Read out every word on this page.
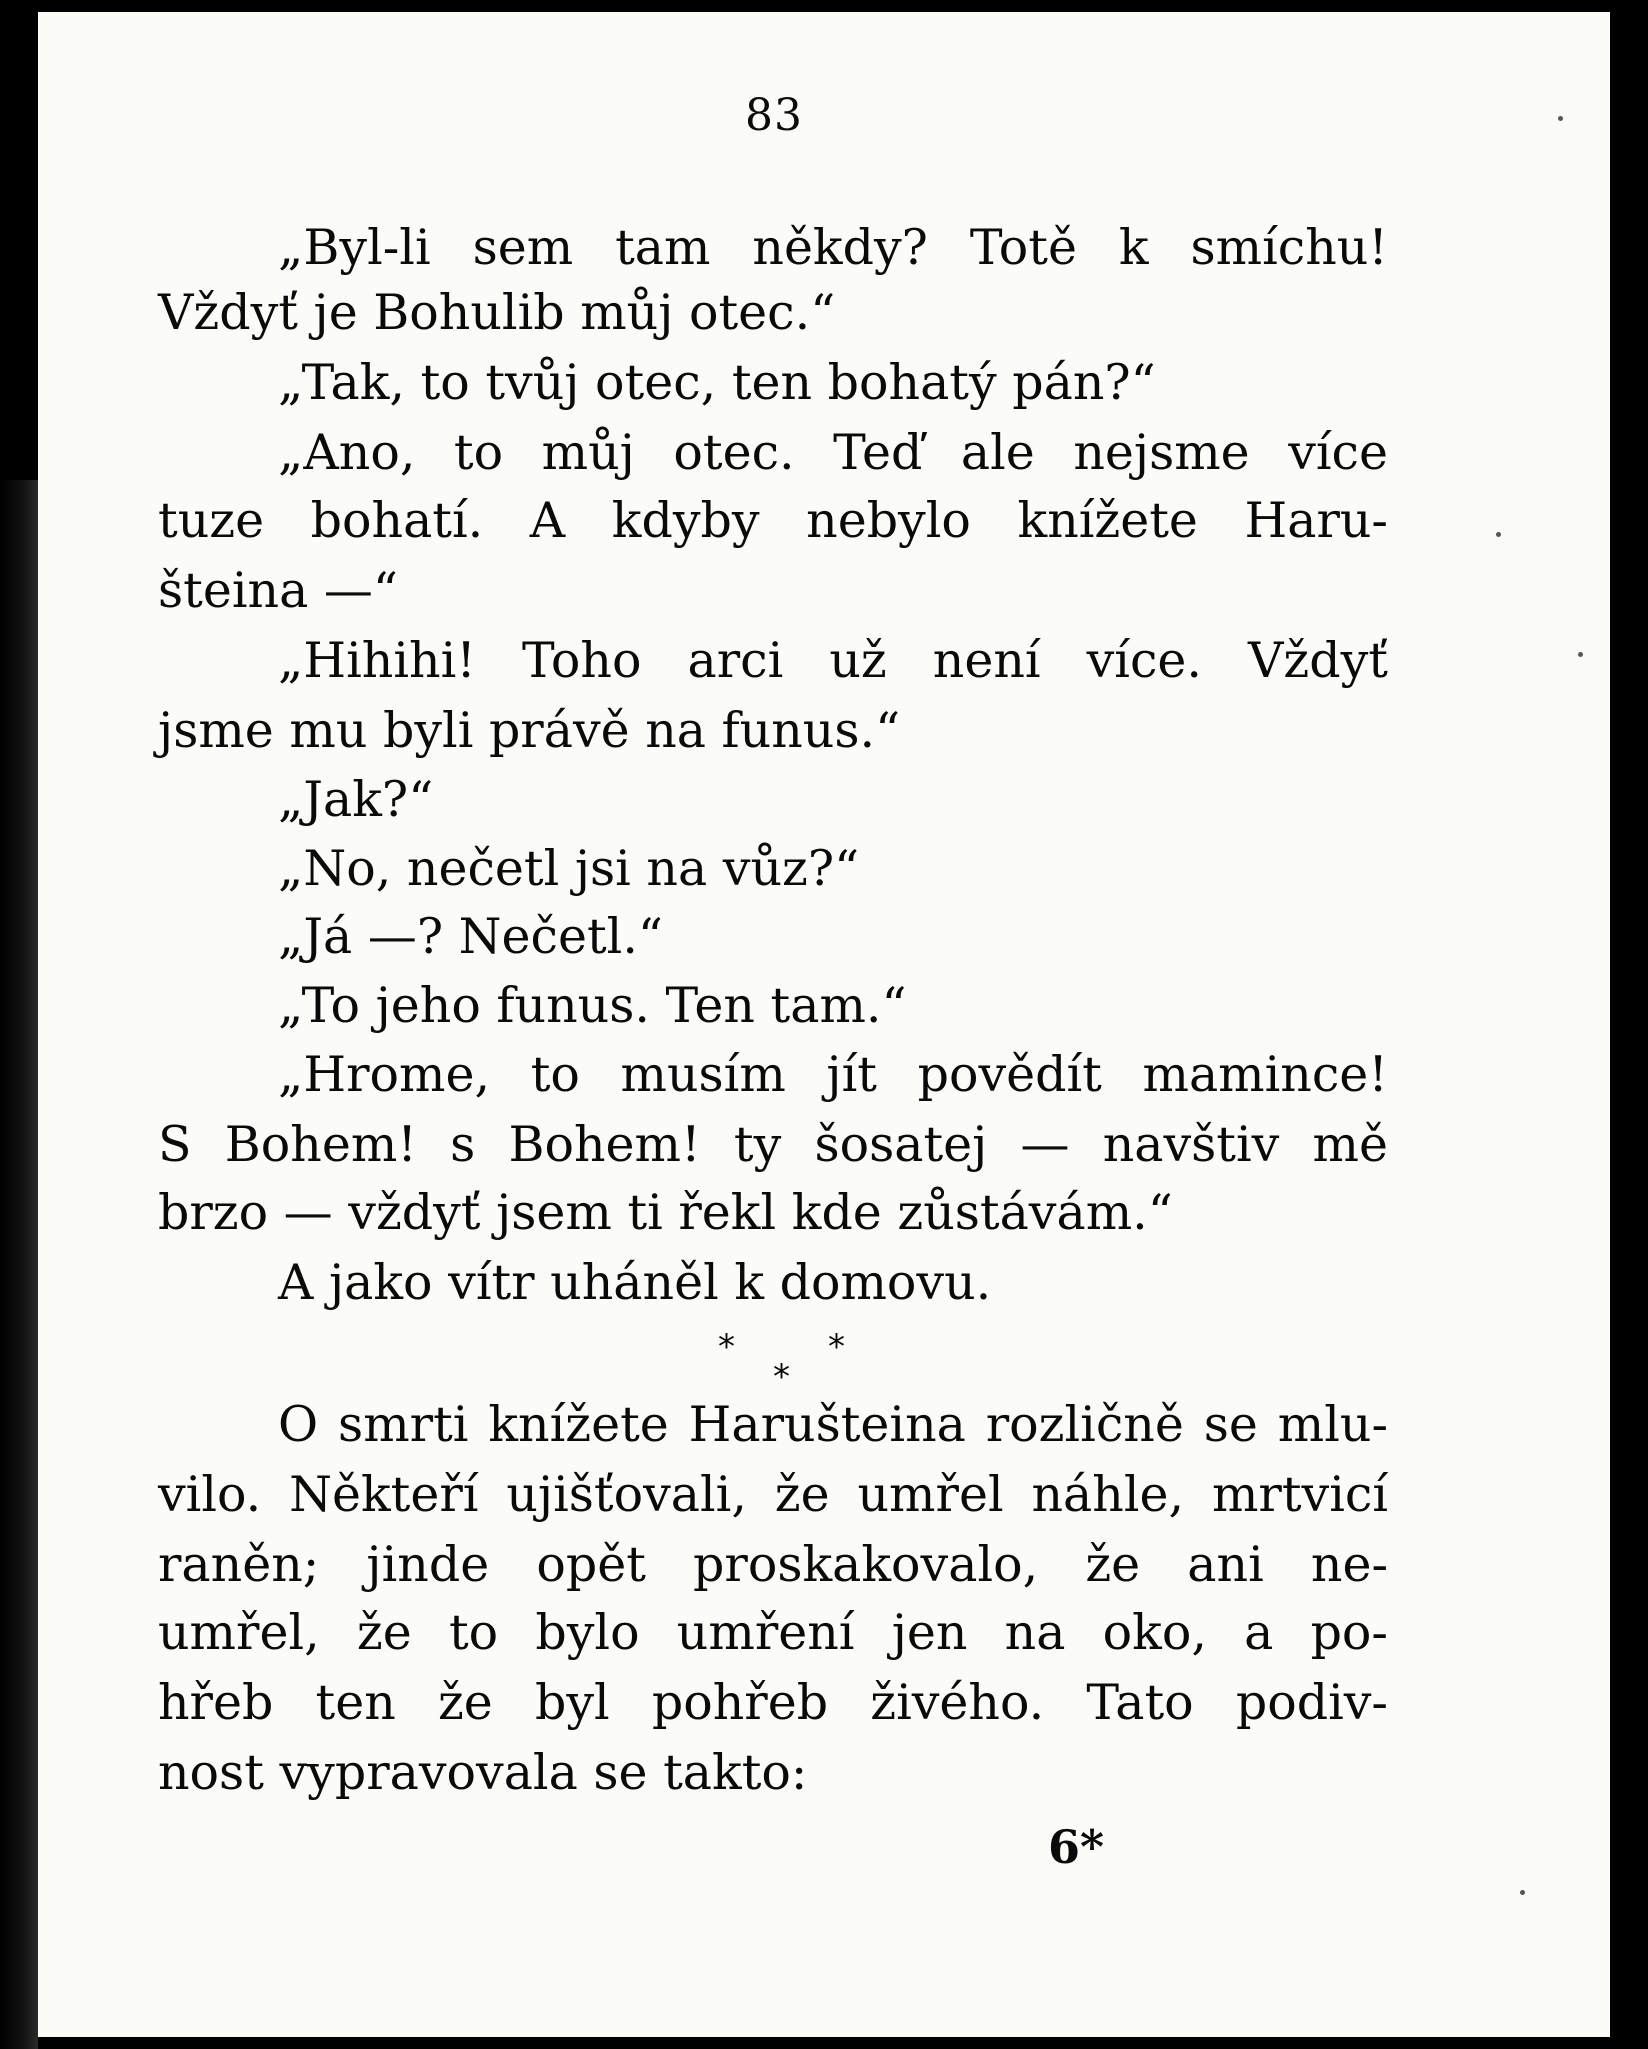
83
„Byl-li sem tam někdy? Totě k smíchu!
Vždyť je Bohulib můj otec.“
„Tak, to tvůj otec, ten bohatý pán?“
„Ano, to můj otec. Teď ale nejsme více
tuze bohatí. A kdyby nebylo knížete Haru-
šteina —“
„Hihihi! Toho arci už není více. Vždyť
jsme mu byli právě na funus.“
„Jak?“
„No, nečetl jsi na vůz?“
„Já —? Nečetl.“
„To jeho funus. Ten tam.“
„Hrome, to musím jít povědít mamince!
S Bohem! s Bohem! ty šosatej — navštiv mě
brzo — vždyť jsem ti řekl kde zůstávám.“
A jako vítr uháněl k domovu.
*	*
*
O smrti knížete Harušteina rozličně se mlu-
vilo. Někteří ujišťovali, že umřel náhle, mrtvicí
raněn; jinde opět proskakovalo, že ani ne-
umřel, že to bylo umření jen na oko, a po-
hřeb ten že byl pohřeb živého. Tato podiv-
nost vypravovala se takto:
6*
